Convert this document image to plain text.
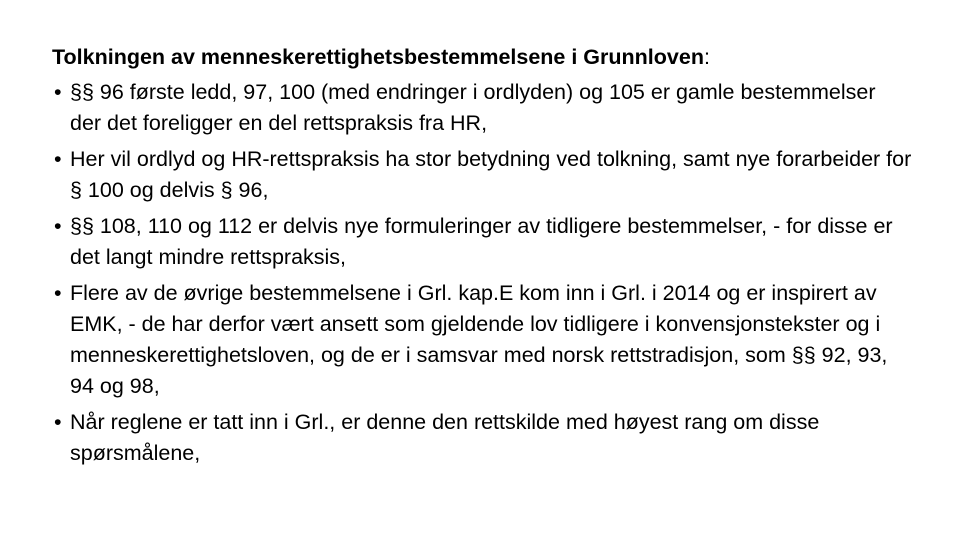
Tolkningen av menneskerettighetsbestemmelsene i Grunnloven:
• §§ 96 første ledd, 97, 100 (med endringer i ordlyden) og 105 er gamle bestemmelser der det foreligger en del rettspraksis fra HR,
• Her vil ordlyd og HR-rettspraksis ha stor betydning ved tolkning, samt nye forarbeider for § 100 og delvis § 96,
• §§ 108, 110 og 112 er delvis nye formuleringer av tidligere bestemmelser, - for disse er det langt mindre rettspraksis,
• Flere av de øvrige bestemmelsene i Grl. kap.E kom inn i Grl. i 2014 og er inspirert av EMK, - de har derfor vært ansett som gjeldende lov tidligere i konvensjonstekster og i menneskerettighetsloven, og de er i samsvar med norsk rettstradisjon, som §§ 92, 93, 94 og 98,
• Når reglene er tatt inn i Grl., er denne den rettskilde med høyest rang om disse spørsmålene,
